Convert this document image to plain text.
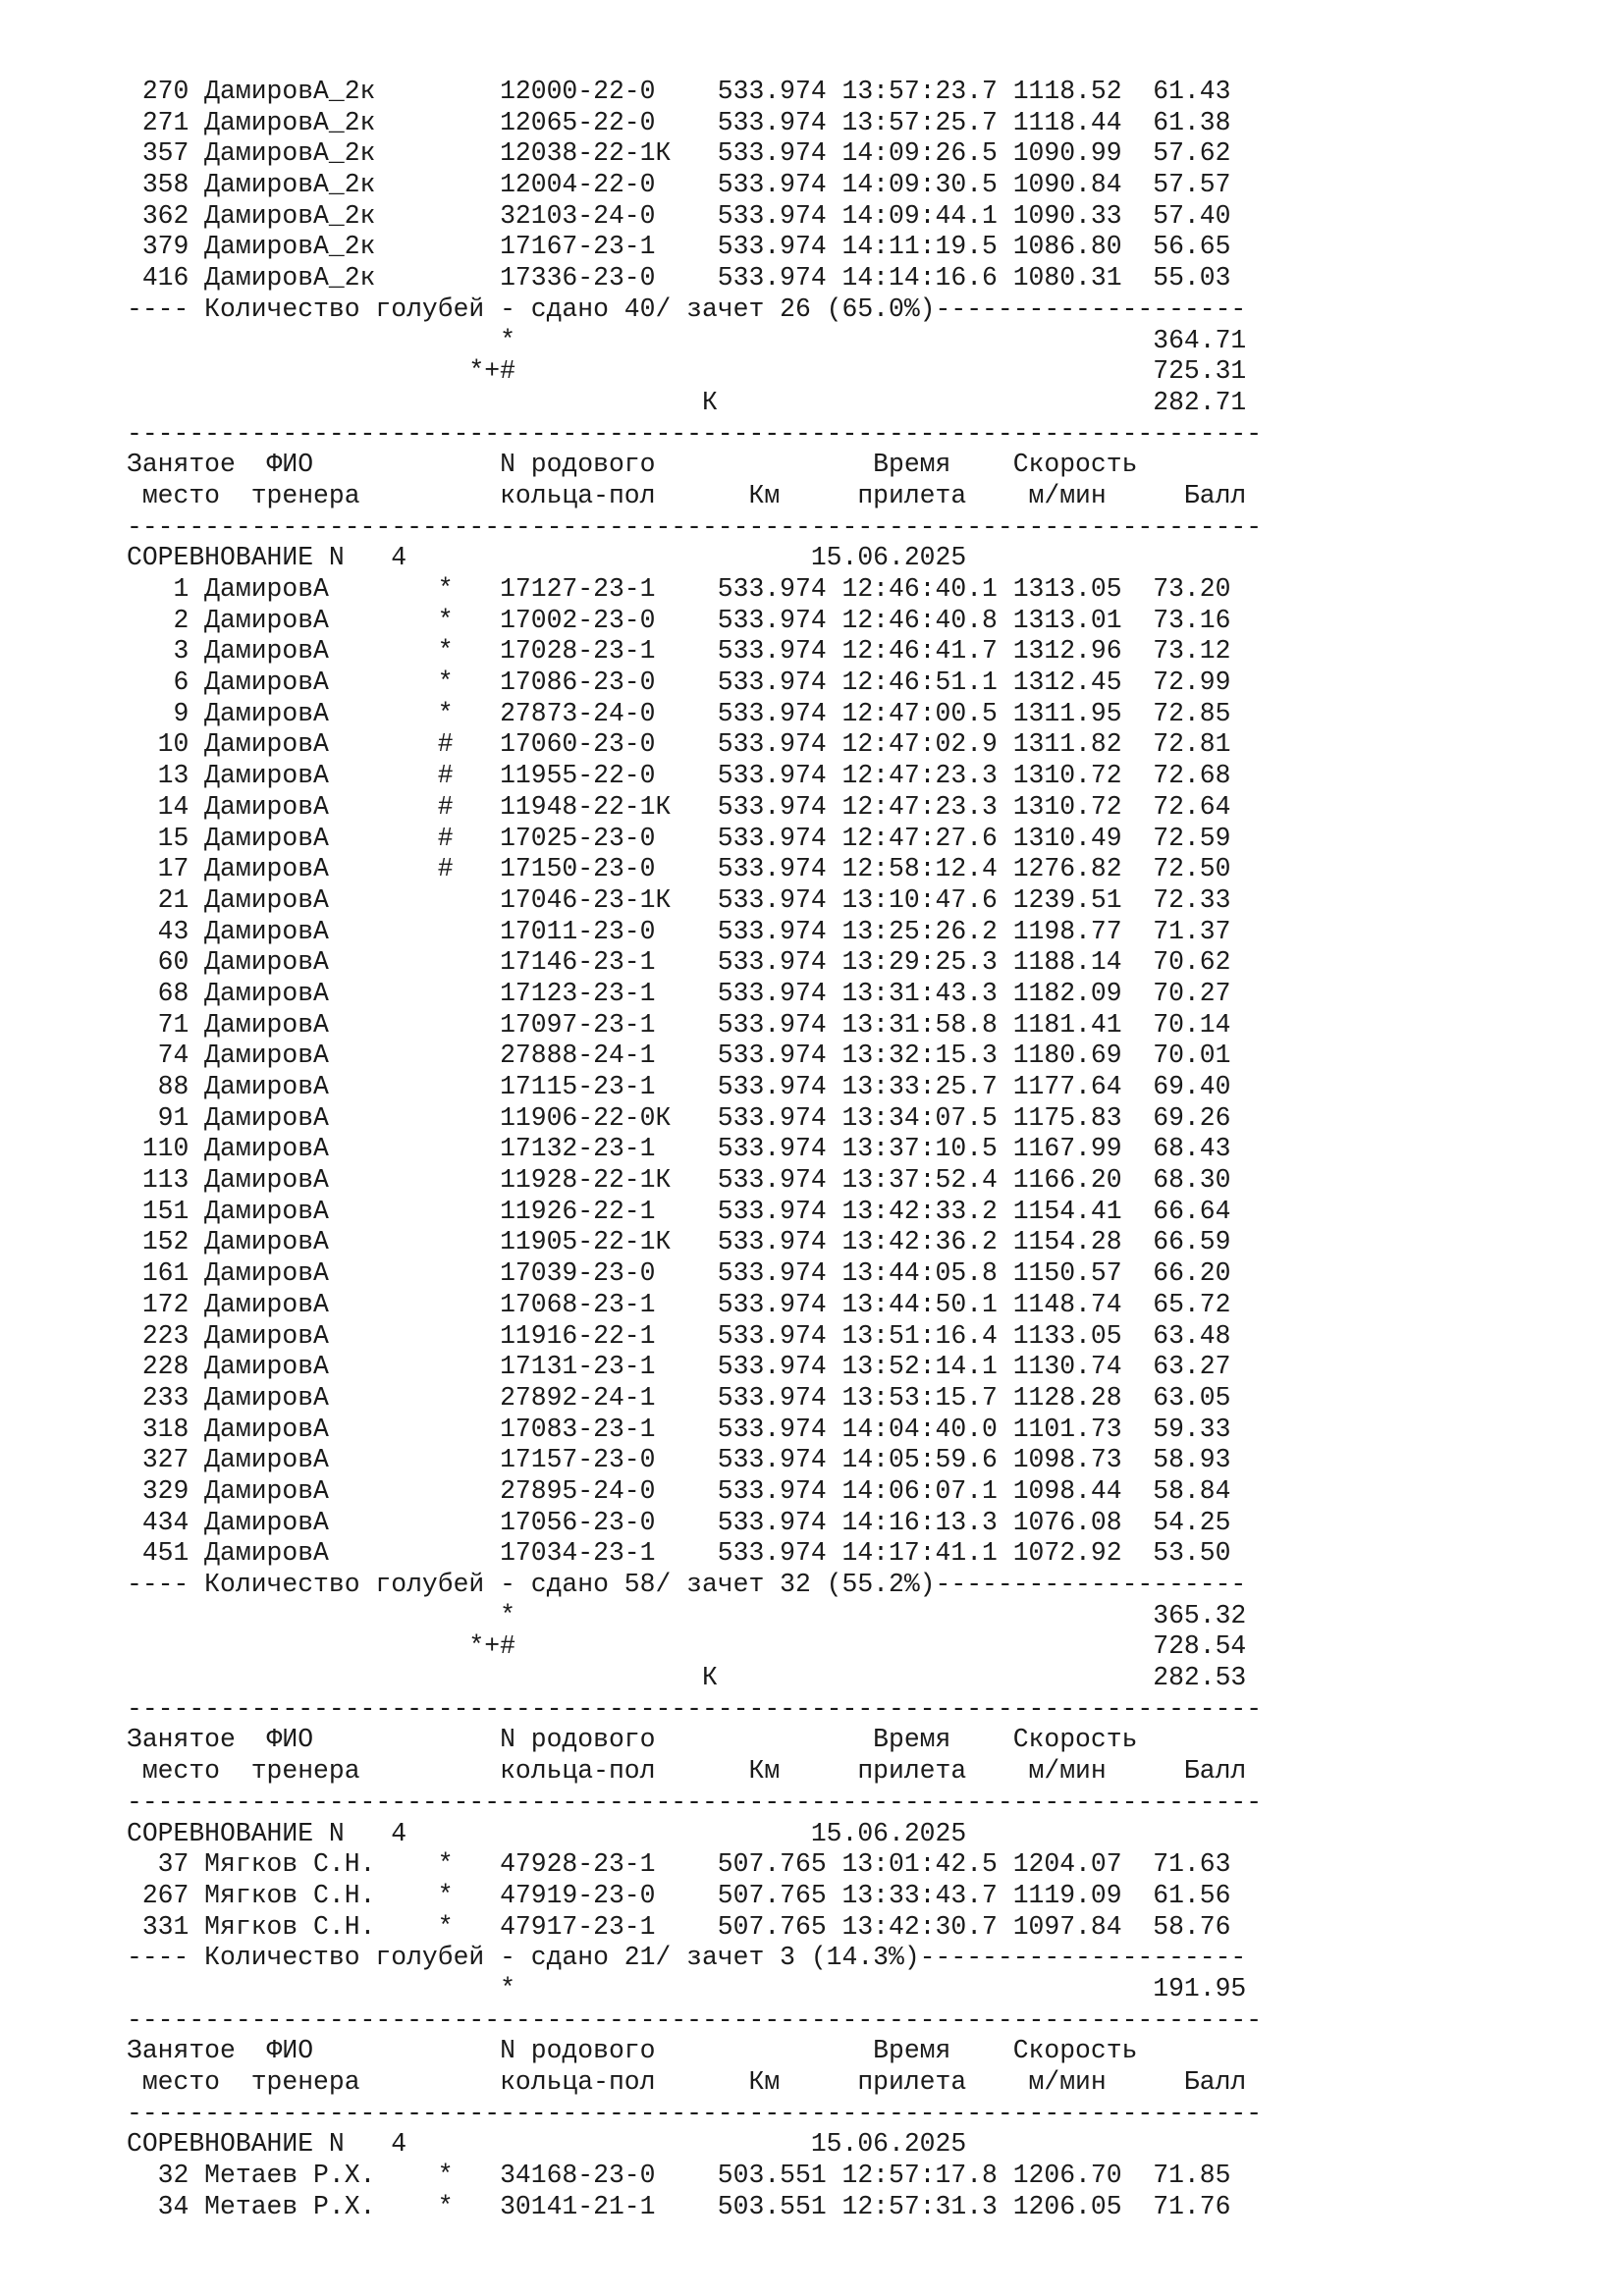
270 ДамировА_2к        12000-22-0    533.974 13:57:23.7 1118.52  61.43
271 ДамировА_2к        12065-22-0    533.974 13:57:25.7 1118.44  61.38
357 ДамировА_2к        12038-22-1К   533.974 14:09:26.5 1090.99  57.62
358 ДамировА_2к        12004-22-0    533.974 14:09:30.5 1090.84  57.57
362 ДамировА_2к        32103-24-0    533.974 14:09:44.1 1090.33  57.40
379 ДамировА_2к        17167-23-1    533.974 14:11:19.5 1086.80  56.65
416 ДамировА_2к        17336-23-0    533.974 14:14:16.6 1080.31  55.03
---- Количество голубей - сдано 40/ зачет 26 (65.0%)--------------------
*                                         364.71
*+#                                         725.31
К                            282.71
-------------------------------------------------------------------------
Занятое  ФИО            N родового              Время    Скорость
место  тренера         кольца-пол      Км     прилета    м/мин     Балл
-------------------------------------------------------------------------
СОРЕВНОВАНИЕ N   4                          15.06.2025
1 ДамировА       *   17127-23-1    533.974 12:46:40.1 1313.05  73.20
2 ДамировА       *   17002-23-0    533.974 12:46:40.8 1313.01  73.16
3 ДамировА       *   17028-23-1    533.974 12:46:41.7 1312.96  73.12
6 ДамировА       *   17086-23-0    533.974 12:46:51.1 1312.45  72.99
9 ДамировА       *   27873-24-0    533.974 12:47:00.5 1311.95  72.85
10 ДамировА       #   17060-23-0    533.974 12:47:02.9 1311.82  72.81
13 ДамировА       #   11955-22-0    533.974 12:47:23.3 1310.72  72.68
14 ДамировА       #   11948-22-1К   533.974 12:47:23.3 1310.72  72.64
15 ДамировА       #   17025-23-0    533.974 12:47:27.6 1310.49  72.59
17 ДамировА       #   17150-23-0    533.974 12:58:12.4 1276.82  72.50
21 ДамировА           17046-23-1К   533.974 13:10:47.6 1239.51  72.33
43 ДамировА           17011-23-0    533.974 13:25:26.2 1198.77  71.37
60 ДамировА           17146-23-1    533.974 13:29:25.3 1188.14  70.62
68 ДамировА           17123-23-1    533.974 13:31:43.3 1182.09  70.27
71 ДамировА           17097-23-1    533.974 13:31:58.8 1181.41  70.14
74 ДамировА           27888-24-1    533.974 13:32:15.3 1180.69  70.01
88 ДамировА           17115-23-1    533.974 13:33:25.7 1177.64  69.40
91 ДамировА           11906-22-0К   533.974 13:34:07.5 1175.83  69.26
110 ДамировА           17132-23-1    533.974 13:37:10.5 1167.99  68.43
113 ДамировА           11928-22-1К   533.974 13:37:52.4 1166.20  68.30
151 ДамировА           11926-22-1    533.974 13:42:33.2 1154.41  66.64
152 ДамировА           11905-22-1К   533.974 13:42:36.2 1154.28  66.59
161 ДамировА           17039-23-0    533.974 13:44:05.8 1150.57  66.20
172 ДамировА           17068-23-1    533.974 13:44:50.1 1148.74  65.72
223 ДамировА           11916-22-1    533.974 13:51:16.4 1133.05  63.48
228 ДамировА           17131-23-1    533.974 13:52:14.1 1130.74  63.27
233 ДамировА           27892-24-1    533.974 13:53:15.7 1128.28  63.05
318 ДамировА           17083-23-1    533.974 14:04:40.0 1101.73  59.33
327 ДамировА           17157-23-0    533.974 14:05:59.6 1098.73  58.93
329 ДамировА           27895-24-0    533.974 14:06:07.1 1098.44  58.84
434 ДамировА           17056-23-0    533.974 14:16:13.3 1076.08  54.25
451 ДамировА           17034-23-1    533.974 14:17:41.1 1072.92  53.50
---- Количество голубей - сдано 58/ зачет 32 (55.2%)--------------------
*                                         365.32
*+#                                         728.54
К                            282.53
-------------------------------------------------------------------------
Занятое  ФИО            N родового              Время    Скорость
место  тренера         кольца-пол      Км     прилета    м/мин     Балл
-------------------------------------------------------------------------
СОРЕВНОВАНИЕ N   4                          15.06.2025
37 Мягков С.Н.    *   47928-23-1    507.765 13:01:42.5 1204.07  71.63
267 Мягков С.Н.    *   47919-23-0    507.765 13:33:43.7 1119.09  61.56
331 Мягков С.Н.    *   47917-23-1    507.765 13:42:30.7 1097.84  58.76
---- Количество голубей - сдано 21/ зачет 3 (14.3%)---------------------
*                                         191.95
-------------------------------------------------------------------------
Занятое  ФИО            N родового              Время    Скорость
место  тренера         кольца-пол      Км     прилета    м/мин     Балл
-------------------------------------------------------------------------
СОРЕВНОВАНИЕ N   4                          15.06.2025
32 Метаев Р.Х.    *   34168-23-0    503.551 12:57:17.8 1206.70  71.85
34 Метаев Р.Х.    *   30141-21-1    503.551 12:57:31.3 1206.05  71.76
